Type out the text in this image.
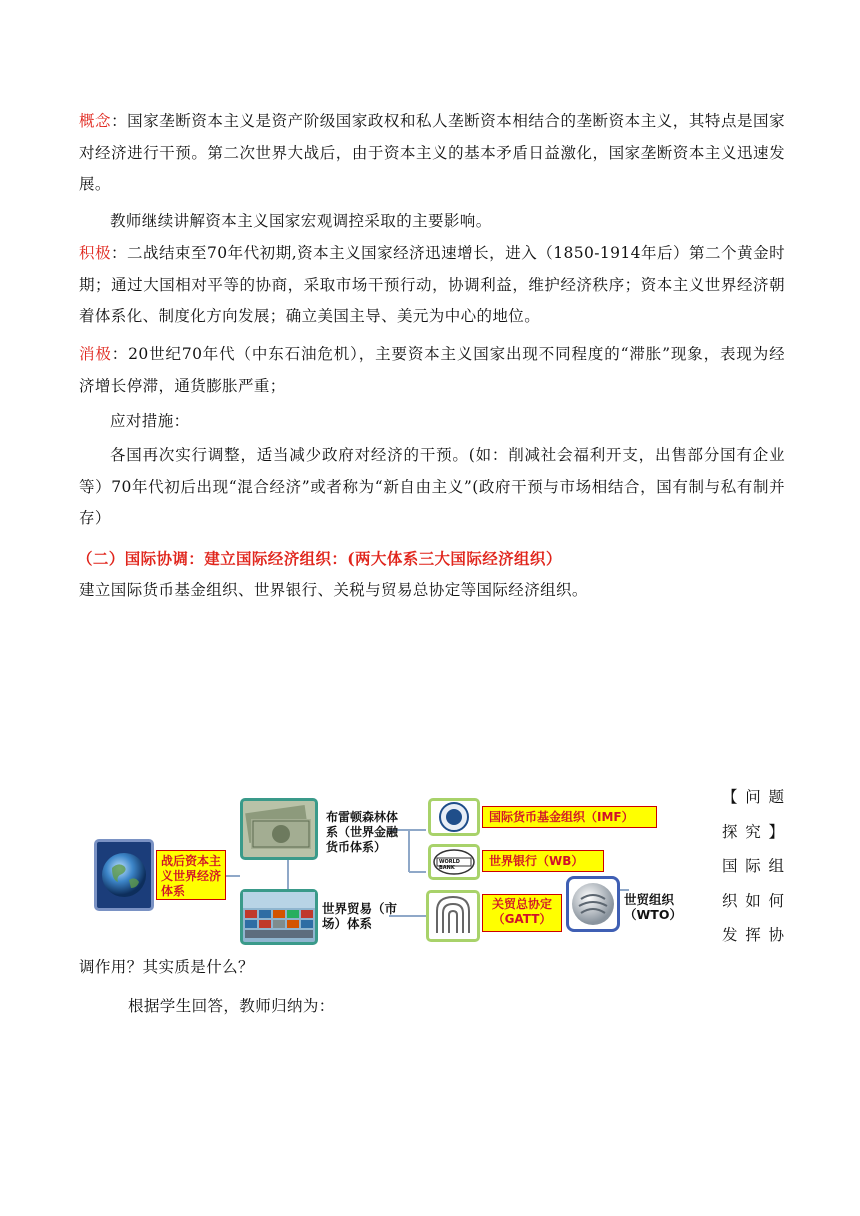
概念：国家垄断资本主义是资产阶级国家政权和私人垄断资本相结合的垄断资本主义，其特点是国家对经济进行干预。第二次世界大战后，由于资本主义的基本矛盾日益激化，国家垄断资本主义迅速发展。

教师继续讲解资本主义国家宏观调控采取的主要影响。

积极：二战结束至70年代初期,资本主义国家经济迅速增长，进入（1850-1914年后）第二个黄金时期；通过大国相对平等的协商，采取市场干预行动，协调利益，维护经济秩序；资本主义世界经济朝着体系化、制度化方向发展；确立美国主导、美元为中心的地位。

消极：20世纪70年代（中东石油危机），主要资本主义国家出现不同程度的“滞胀”现象，表现为经 济增长停滞，通货膨胀严重；

应对措施：

各国再次实行调整，适当减少政府对经济的干预。(如：削减社会福利开支，出售部分国有企业等）70年代初后出现“混合经济”或者称为“新自由主义”(政府干预与市场相结合，国有制与私有制并存）

（二）国际协调：建立国际经济组织：(两大体系三大国际经济组织）

建立国际货币基金组织、世界银行、关税与贸易总协定等国际经济组织。

战后资本主义世界经济体系
布雷顿森林体系（世界金融货币体系）
世界贸易（市场）体系
国际货币基金组织（IMF）
WORLD BANK	世界银行（WB）
关贸总协定
（GATT）
世贸组织（WTO）
【问题
探究】
国际组
织如何
发挥协

调作用？其实质是什么？

根据学生回答，教师归纳为：
